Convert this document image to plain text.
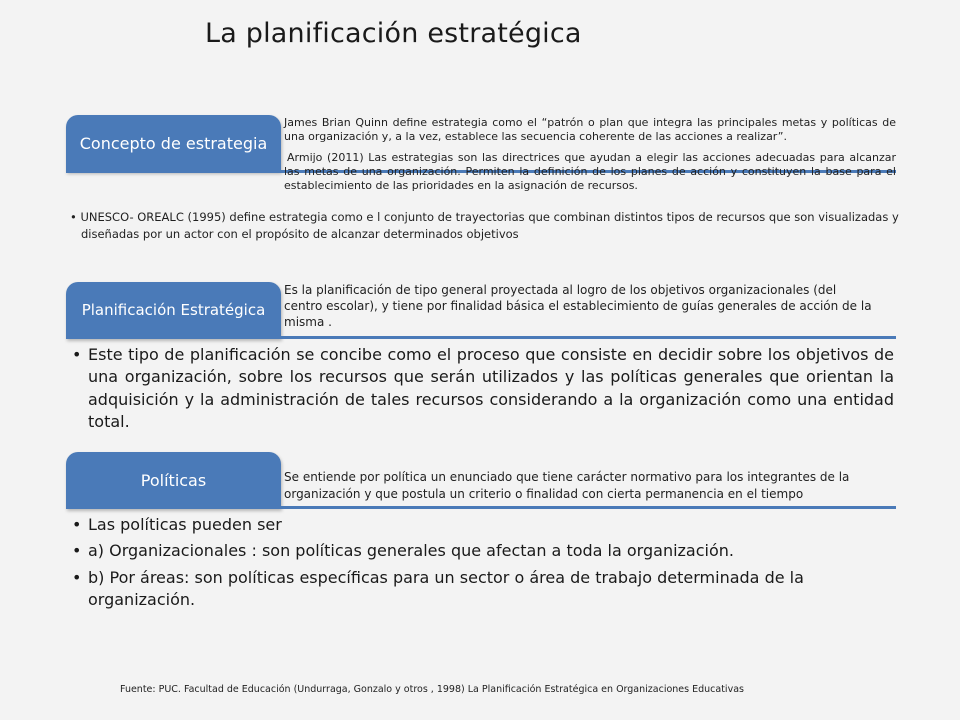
La planificación estratégica
Concepto de estrategia

James Brian Quinn define estrategia como el “patrón o plan que integra las principales metas y políticas de una organización y, a la vez, establece las secuencia coherente de las acciones a realizar”.

Armijo (2011) Las estrategias son las directrices que ayudan a elegir las acciones adecuadas para alcanzar las metas de una organización. Permiten la definición de los planes de acción y constituyen la base para el establecimiento de las prioridades en la asignación de recursos.

• UNESCO- OREALC (1995) define estrategia como e l conjunto de trayectorias que combinan distintos tipos de recursos que son visualizadas y diseñadas por un actor con el propósito de alcanzar determinados objetivos
Planificación Estratégica
Es la planificación de tipo general proyectada al logro de los objetivos organizacionales (del centro escolar), y tiene por finalidad básica el establecimiento de guías generales de acción de la misma .
• Este tipo de planificación se concibe como el proceso que consiste en decidir sobre los objetivos de una organización, sobre los recursos que serán utilizados y las políticas generales que orientan la adquisición y la administración de tales recursos considerando a la organización como una entidad total.
Políticas	Se entiende por política un enunciado que tiene carácter normativo para los integrantes de la organización y que postula un criterio o finalidad con cierta permanencia en el tiempo
• Las políticas pueden ser
• a) Organizacionales : son políticas generales que afectan a toda la organización.
• b) Por áreas: son políticas específicas para un sector o área de trabajo determinada de la organización.
Fuente: PUC. Facultad de Educación (Undurraga, Gonzalo y otros , 1998) La Planificación Estratégica en Organizaciones Educativas
